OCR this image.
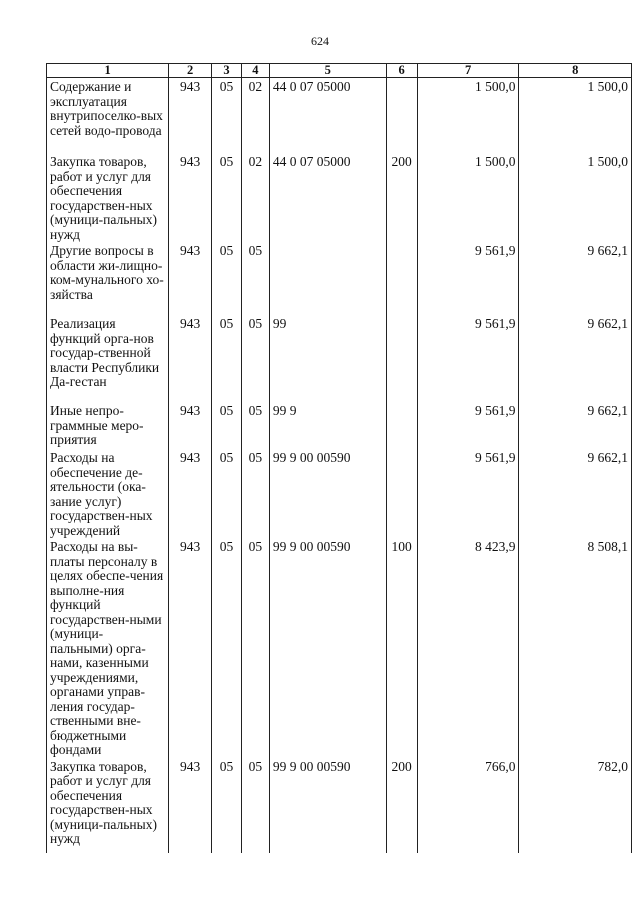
624
1	2	3	4	5	6	7	8
Содержание и эксплуатация внутрипоселко-вых сетей водо-провода	943	05	02	44 0 07 05000		1 500,0	1 500,0
Закупка товаров, работ и услуг для обеспечения государствен-ных (муници-пальных) нужд	943	05	02	44 0 07 05000	200	1 500,0	1 500,0
Другие вопросы в области жи-лищно-ком-мунального хо-зяйства	943	05	05			9 561,9	9 662,1
Реализация функций орга-нов государ-ственной власти Республики Да-гестан	943	05	05	99		9 561,9	9 662,1
Иные непро-граммные меро-приятия	943	05	05	99 9		9 561,9	9 662,1
Расходы на обеспечение де-ятельности (ока-зание услуг) государствен-ных учреждений	943	05	05	99 9 00 00590		9 561,9	9 662,1
Расходы на вы-платы персоналу в целях обеспе-чения выполне-ния функций государствен-ными (муници-пальными) орга-нами, казенными учреждениями, органами управ-ления государ-ственными вне-бюджетными фондами	943	05	05	99 9 00 00590	100	8 423,9	8 508,1
Закупка товаров, работ и услуг для обеспечения государствен-ных (муници-пальных) нужд	943	05	05	99 9 00 00590	200	766,0	782,0
